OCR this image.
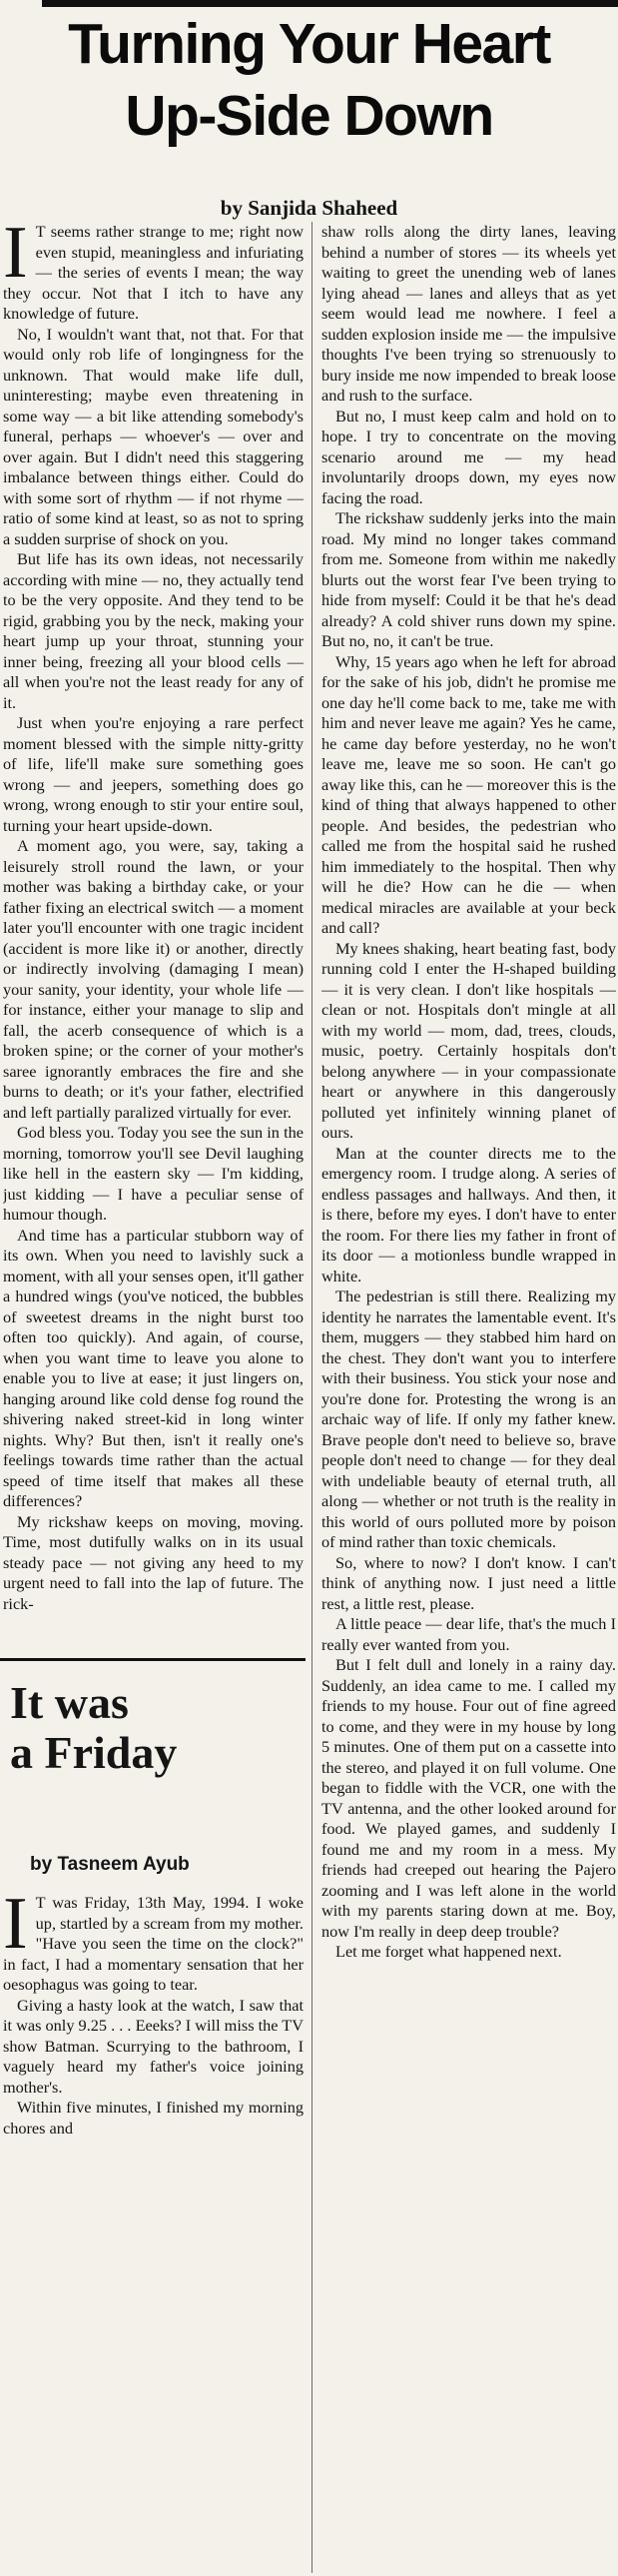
Turning Your Heart
Up-Side Down

by Sanjida Shaheed

I T seems rather strange to me; right now even stupid, meaningless and infuriating — the series of events I mean; the way they occur. Not that I itch to have any knowledge of future.

No, I wouldn't want that, not that. For that would only rob life of longingness for the unknown. That would make life dull, uninteresting; maybe even threatening in some way — a bit like attending somebody's funeral, perhaps — whoever's — over and over again. But I didn't need this staggering imbalance between things either. Could do with some sort of rhythm — if not rhyme — ratio of some kind at least, so as not to spring a sudden surprise of shock on you.

But life has its own ideas, not necessarily according with mine — no, they actually tend to be the very opposite. And they tend to be rigid, grabbing you by the neck, making your heart jump up your throat, stunning your inner being, freezing all your blood cells — all when you're not the least ready for any of it.

Just when you're enjoying a rare perfect moment blessed with the simple nitty-gritty of life, life'll make sure something goes wrong — and jeepers, something does go wrong, wrong enough to stir your entire soul, turning your heart upside-down.

A moment ago, you were, say, taking a leisurely stroll round the lawn, or your mother was baking a birthday cake, or your father fixing an electrical switch — a moment later you'll encounter with one tragic incident (accident is more like it) or another, directly or indirectly involving (damaging I mean) your sanity, your identity, your whole life — for instance, either your manage to slip and fall, the acerb consequence of which is a broken spine; or the corner of your mother's saree ignorantly embraces the fire and she burns to death; or it's your father, electrified and left partially paralized virtually for ever.

God bless you. Today you see the sun in the morning, tomorrow you'll see Devil laughing like hell in the eastern sky — I'm kidding, just kidding — I have a peculiar sense of humour though.

And time has a particular stubborn way of its own. When you need to lavishly suck a moment, with all your senses open, it'll gather a hundred wings (you've noticed, the bubbles of sweetest dreams in the night burst too often too quickly). And again, of course, when you want time to leave you alone to enable you to live at ease; it just lingers on, hanging around like cold dense fog round the shivering naked street-kid in long winter nights. Why? But then, isn't it really one's feelings towards time rather than the actual speed of time itself that makes all these differences?

My rickshaw keeps on moving, moving. Time, most dutifully walks on in its usual steady pace — not giving any heed to my urgent need to fall into the lap of future. The rick-

shaw rolls along the dirty lanes, leaving behind a number of stores — its wheels yet waiting to greet the unending web of lanes lying ahead — lanes and alleys that as yet seem would lead me nowhere. I feel a sudden explosion inside me — the impulsive thoughts I've been trying so strenuously to bury inside me now impended to break loose and rush to the surface.

But no, I must keep calm and hold on to hope. I try to concentrate on the moving scenario around me — my head involuntarily droops down, my eyes now facing the road.

The rickshaw suddenly jerks into the main road. My mind no longer takes command from me. Someone from within me nakedly blurts out the worst fear I've been trying to hide from myself: Could it be that he's dead already? A cold shiver runs down my spine. But no, no, it can't be true.

Why, 15 years ago when he left for abroad for the sake of his job, didn't he promise me one day he'll come back to me, take me with him and never leave me again? Yes he came, he came day before yesterday, no he won't leave me, leave me so soon. He can't go away like this, can he — moreover this is the kind of thing that always happened to other people. And besides, the pedestrian who called me from the hospital said he rushed him immediately to the hospital. Then why will he die? How can he die — when medical miracles are available at your beck and call?

My knees shaking, heart beating fast, body running cold I enter the H-shaped building — it is very clean. I don't like hospitals — clean or not. Hospitals don't mingle at all with my world — mom, dad, trees, clouds, music, poetry. Certainly hospitals don't belong anywhere — in your compassionate heart or anywhere in this dangerously polluted yet infinitely winning planet of ours.

Man at the counter directs me to the emergency room. I trudge along. A series of endless passages and hallways. And then, it is there, before my eyes. I don't have to enter the room. For there lies my father in front of its door — a motionless bundle wrapped in white.

The pedestrian is still there. Realizing my identity he narrates the lamentable event. It's them, muggers — they stabbed him hard on the chest. They don't want you to interfere with their business. You stick your nose and you're done for. Protesting the wrong is an archaic way of life. If only my father knew. Brave people don't need to believe so, brave people don't need to change — for they deal with undeliable beauty of eternal truth, all along — whether or not truth is the reality in this world of ours polluted more by poison of mind rather than toxic chemicals.

So, where to now? I don't know. I can't think of anything now. I just need a little rest, a little rest, please.

A little peace — dear life, that's the much I really ever wanted from you.

But I felt dull and lonely in a rainy day. Suddenly, an idea came to me. I called my friends to my house. Four out of fine agreed to come, and they were in my house by long 5 minutes. One of them put on a cassette into the stereo, and played it on full volume. One began to fiddle with the VCR, one with the TV antenna, and the other looked around for food. We played games, and suddenly I found me and my room in a mess. My friends had creeped out hearing the Pajero zooming and I was left alone in the world with my parents staring down at me. Boy, now I'm really in deep deep trouble?

Let me forget what happened next.

It was
a Friday

by Tasneem Ayub

I T was Friday, 13th May, 1994. I woke up, startled by a scream from my mother. "Have you seen the time on the clock?" in fact, I had a momentary sensation that her oesophagus was going to tear.

Giving a hasty look at the watch, I saw that it was only 9.25 . . . Eeeks? I will miss the TV show Batman. Scurrying to the bathroom, I vaguely heard my father's voice joining mother's.

Within five minutes, I finished my morning chores and
